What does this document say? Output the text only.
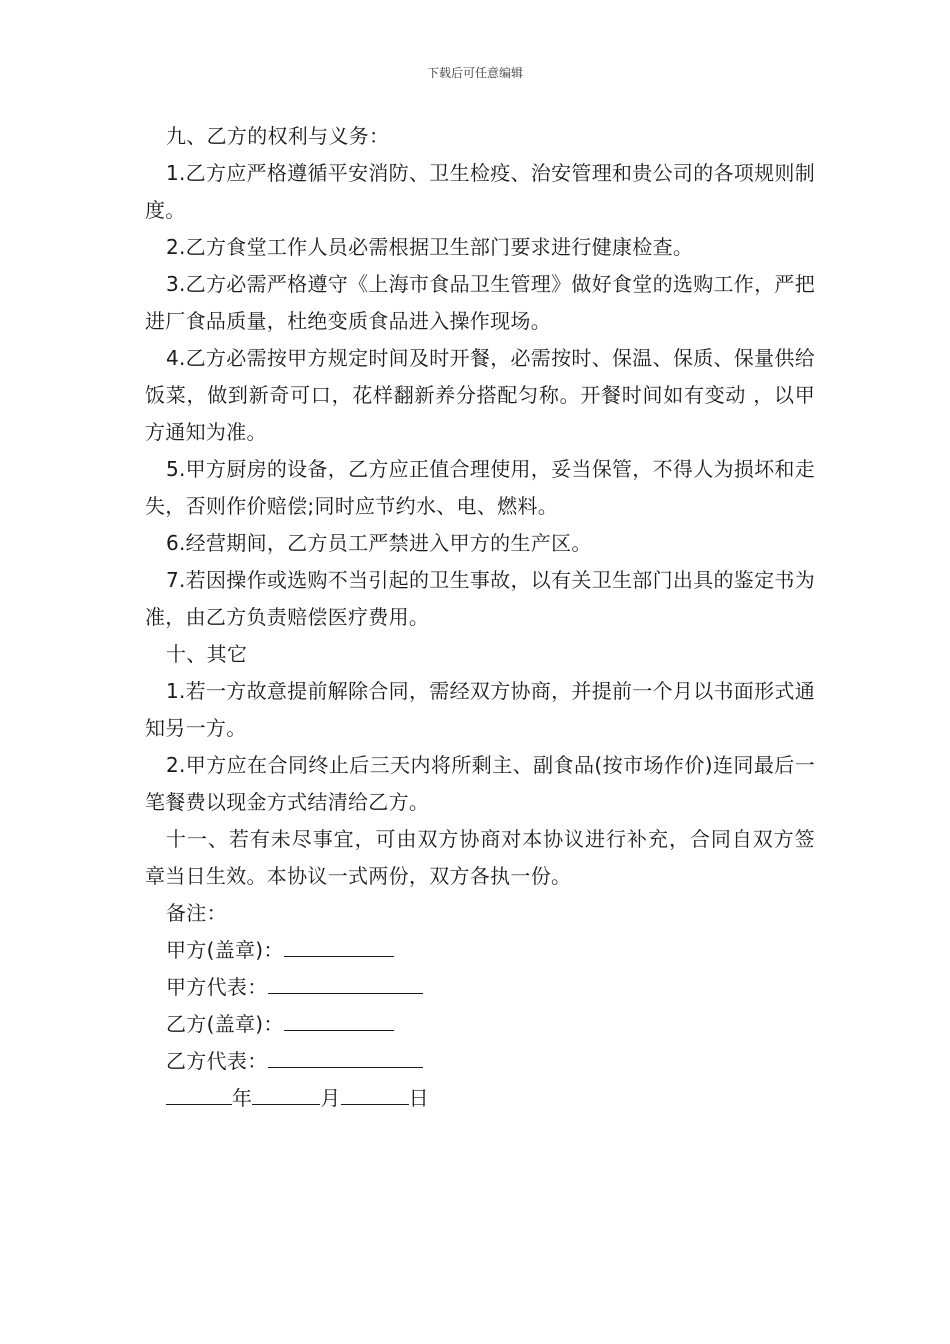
下载后可任意编辑

九、乙方的权利与义务：

1.乙方应严格遵循平安消防、卫生检疫、治安管理和贵公司的各项规则制度。

2.乙方食堂工作人员必需根据卫生部门要求进行健康检查。

3.乙方必需严格遵守《上海市食品卫生管理》做好食堂的选购工作，严把进厂食品质量，杜绝变质食品进入操作现场。

4.乙方必需按甲方规定时间及时开餐，必需按时、保温、保质、保量供给饭菜，做到新奇可口，花样翻新养分搭配匀称。开餐时间如有变动 ，以甲方通知为准。

5.甲方厨房的设备，乙方应正值合理使用，妥当保管，不得人为损坏和走失，否则作价赔偿;同时应节约水、电、燃料。

6.经营期间，乙方员工严禁进入甲方的生产区。

7.若因操作或选购不当引起的卫生事故，以有关卫生部门出具的鉴定书为准，由乙方负责赔偿医疗费用。

十、其它

1.若一方故意提前解除合同，需经双方协商，并提前一个月以书面形式通知另一方。

2.甲方应在合同终止后三天内将所剩主、副食品(按市场作价)连同最后一笔餐费以现金方式结清给乙方。

十一、若有未尽事宜，可由双方协商对本协议进行补充，合同自双方签章当日生效。本协议一式两份，双方各执一份。

备注：

甲方(盖章)：

甲方代表：

乙方(盖章)：

乙方代表：

年	月	日
